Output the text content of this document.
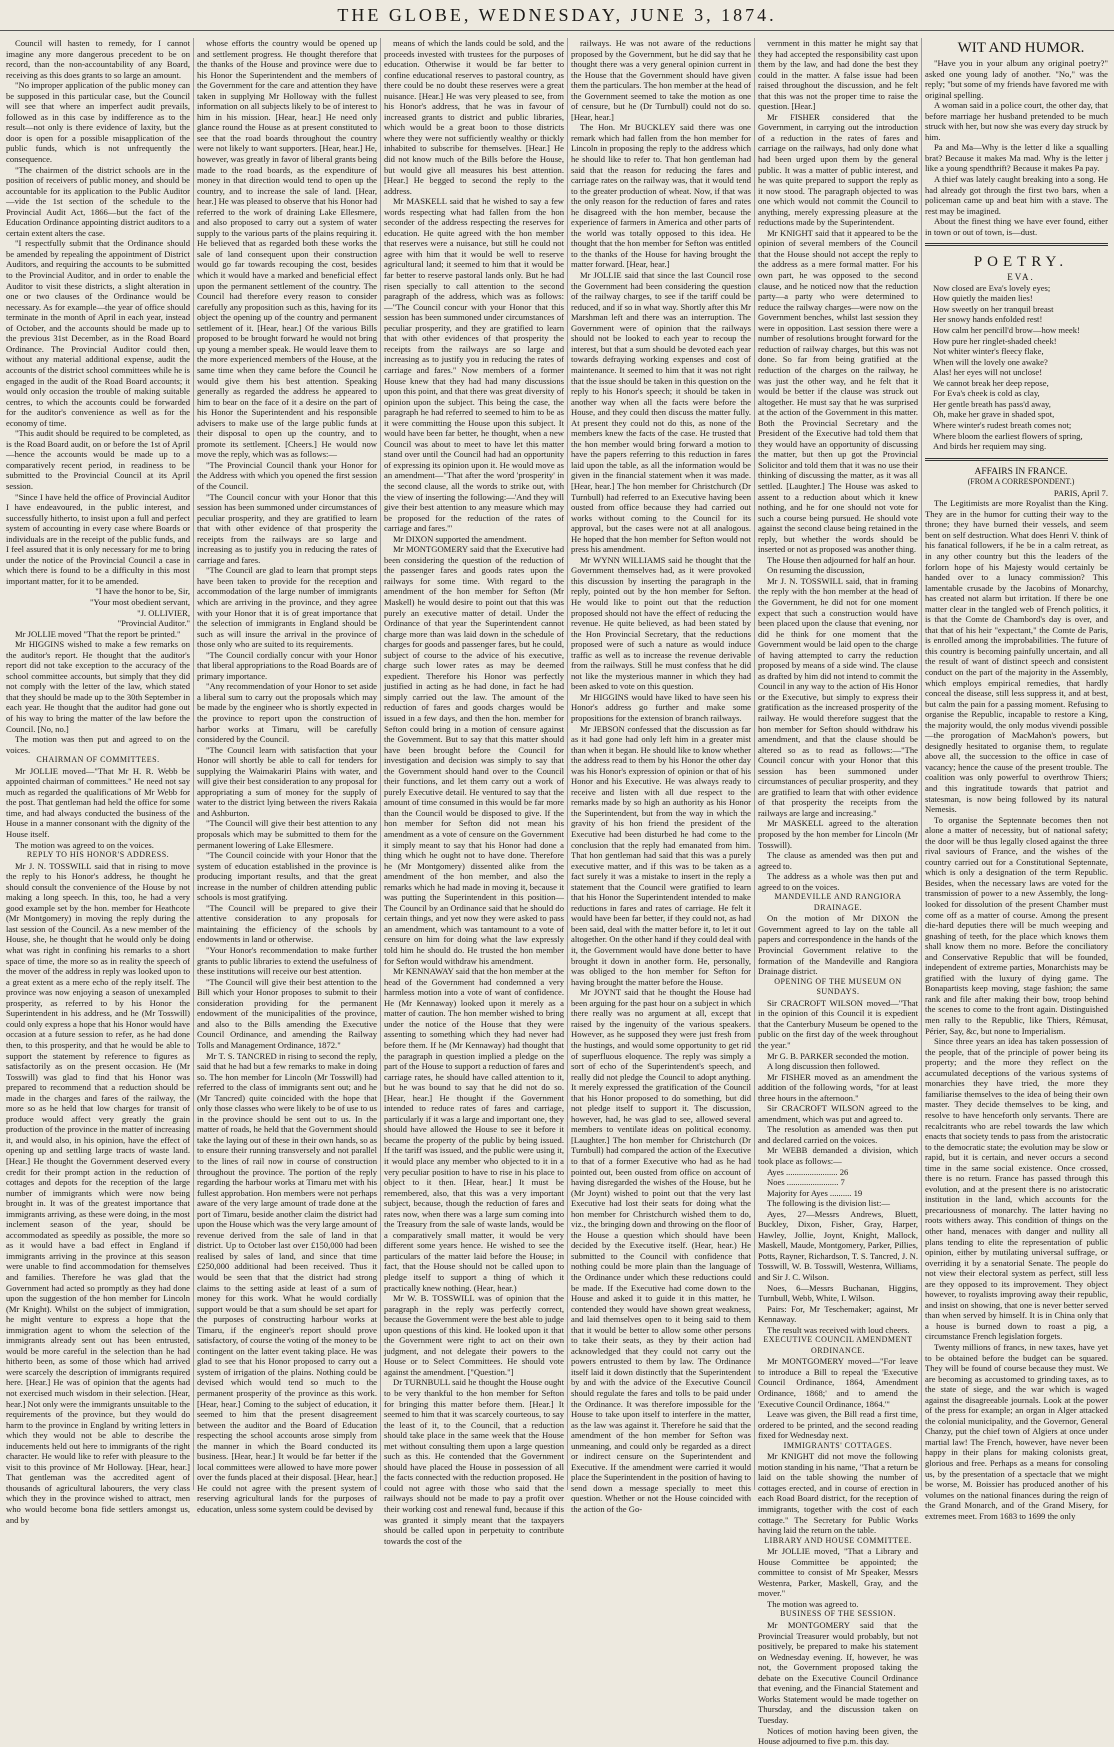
THE GLOBE, WEDNESDAY, JUNE 3, 1874.

Council will hasten to remedy, for I cannot imagine any more dangerous precedent to be on record, than the non-accountability of any Board, receiving as this does grants to so large an amount.

"No improper application of the public money can be supposed in this particular case, but the Council will see that where an imperfect audit prevails, followed as in this case by indifference as to the result—not only is there evidence of laxity, but the door is open for a possible misapplication of the public funds, which is not unfrequently the consequence.

"The chairmen of the district schools are in the position of receivers of public money, and should be accountable for its application to the Public Auditor—vide the 1st section of the schedule to the Provincial Audit Act, 1866—but the fact of the Education Ordinance appointing district auditors to a certain extent alters the case.

"I respectfully submit that the Ordinance should be amended by repealing the appointment of District Auditors, and requiring the accounts to be submitted to the Provincial Auditor, and in order to enable the Auditor to visit these districts, a slight alteration in one or two clauses of the Ordinance would be necessary. As for example—the year of office should terminate in the month of April in each year, instead of October, and the accounts should be made up to the previous 31st December, as in the Road Board Ordinance. The Provincial Auditor could then, without any material additional expense, audit the accounts of the district school committees while he is engaged in the audit of the Road Board accounts; it would only occasion the trouble of making suitable centres, to which the accounts could be forwarded for the auditor's convenience as well as for the economy of time.

"This audit should be required to be completed, as is the Road Board audit, on or before the 1st of April—hence the accounts would be made up to a comparatively recent period, in readiness to be submitted to the Provincial Council at its April session.

"Since I have held the office of Provincial Auditor I have endeavoured, in the public interest, and successfully hitherto, to insist upon a full and perfect system of accounting in every case where Boards or individuals are in the receipt of the public funds, and I feel assured that it is only necessary for me to bring under the notice of the Provincial Council a case in which there is found to be a difficulty in this most important matter, for it to be amended.

"I have the honor to be, Sir,

"Your most obedient servant,

"J. OLLIVIER,

"Provincial Auditor."

Mr JOLLIE moved "That the report be printed."

Mr HIGGINS wished to make a few remarks on the auditor's report. He thought that the auditor's report did not take exception to the accuracy of the school committee accounts, but simply that they did not comply with the letter of the law, which stated that they should be made up to the 30th September in each year. He thought that the auditor had gone out of his way to bring the matter of the law before the Council. [No, no.]

The motion was then put and agreed to on the voices.

CHAIRMAN OF COMMITTEES.

Mr JOLLIE moved—"That Mr H. R. Webb be appointed chairman of committees." He need not say much as regarded the qualifications of Mr Webb for the post. That gentleman had held the office for some time, and had always conducted the business of the House in a manner consonant with the dignity of the House itself.

The motion was agreed to on the voices.

REPLY TO HIS HONOR'S ADDRESS.

Mr J. N. TOSSWILL said that in rising to move the reply to his Honor's address, he thought he should consult the convenience of the House by not making a long speech. In this, too, he had a very good example set by the hon. member for Heathcote (Mr Montgomery) in moving the reply during the last session of the Council. As a new member of the House, she, he thought that he would only be doing what was right in confining his remarks to a short space of time, the more so as in reality the speech of the mover of the address in reply was looked upon to a great extent as a mere echo of the reply itself. The province was now enjoying a season of unexampled prosperity, as referred to by his Honor the Superintendent in his address, and he (Mr Tosswill) could only express a hope that his Honor would have occasion at a future session to refer, as he had done then, to this prosperity, and that he would be able to support the statement by reference to figures as satisfactorily as on the present occasion. He (Mr Tosswill) was glad to find that his Honor was prepared to recommend that a reduction should be made in the charges and fares of the railway, the more so as he held that low charges for transit of produce would affect very greatly the grain production of the province in the matter of increasing it, and would also, in his opinion, have the effect of opening up and settling large tracts of waste land. [Hear.] He thought the Government deserved every credit for their prompt action in the reduction of cottages and depots for the reception of the large number of immigrants which were now being brought in. It was of the greatest importance that immigrants arriving, as these were doing, in the most inclement season of the year, should be accommodated as speedily as possible, the more so as it would have a bad effect in England if immigrants arriving in the province at this season were unable to find accommodation for themselves and families. Therefore he was glad that the Government had acted so promptly as they had done upon the suggestion of the hon member for Lincoln (Mr Knight). Whilst on the subject of immigration, he might venture to express a hope that the immigration agent to whom the selection of the immigrants already sent out has been entrusted, would be more careful in the selection than he had hitherto been, as some of those which had arrived were scarcely the description of immigrants required here. [Hear.] He was of opinion that the agents had not exercised much wisdom in their selection. [Hear, hear.] Not only were the immigrants unsuitable to the requirements of the province, but they would do harm to the province in England by writing letters in which they would not be able to describe the inducements held out here to immigrants of the right character. He would like to refer with pleasure to the visit to this province of Mr Holloway. [Hear, hear.] That gentleman was the accredited agent of thousands of agricultural labourers, the very class which they in the province wished to attract, men who would become bona fide settlers amongst us, and by

whose efforts the country would be opened up and settlement progress. He thought therefore that the thanks of the House and province were due to his Honor the Superintendent and the members of the Government for the care and attention they have taken in supplying Mr Holloway with the fullest information on all subjects likely to be of interest to him in his mission. [Hear, hear.] He need only glance round the House as at present constituted to see that the road boards throughout the country were not likely to want supporters. [Hear, hear.] He, however, was greatly in favor of liberal grants being made to the road boards, as the expenditure of money in that direction would tend to open up the country, and to increase the sale of land. [Hear, hear.] He was pleased to observe that his Honor had referred to the work of draining Lake Ellesmere, and also proposed to carry out a system of water supply to the various parts of the plains requiring it. He believed that as regarded both these works the sale of land consequent upon their construction would go far towards recouping the cost, besides which it would have a marked and beneficial effect upon the permanent settlement of the country. The Council had therefore every reason to consider carefully any proposition such as this, having for its object the opening up of the country and permanent settlement of it. [Hear, hear.] Of the various Bills proposed to be brought forward he would not bring up young a member speak. He would leave them to the more experienced members of the House, at the same time when they came before the Council he would give them his best attention. Speaking generally as regarded the address he appeared to him to bear on the face of it a desire on the part of his Honor the Superintendent and his responsible advisers to make use of the large public funds at their disposal to open up the country, and to promote its settlement. [Cheers.] He would now move the reply, which was as follows:—

"The Provincial Council thank your Honor for the Address with which you opened the first session of the Council.

"The Council concur with your Honor that this session has been summoned under circumstances of peculiar prosperity, and they are gratified to learn that with other evidence of that prosperity the receipts from the railways are so large and increasing as to justify you in reducing the rates of carriage and fares.

"The Council are glad to learn that prompt steps have been taken to provide for the reception and accommodation of the large number of immigrants which are arriving in the province, and they agree with your Honor that it is of great importance that the selection of immigrants in England should be such as will insure the arrival in the province of those only who are suited to its requirements.

"The Council cordially concur with your Honor that liberal appropriations to the Road Boards are of primary importance.

"Any recommendation of your Honor to set aside a liberal sum to carry out the proposals which may be made by the engineer who is shortly expected in the province to report upon the construction of harbor works at Timaru, will be carefully considered by the Council.

"The Council learn with satisfaction that your Honor will shortly be able to call for tenders for supplying the Waimakariri Plains with water, and will give their best consideration to any proposal for appropriating a sum of money for the supply of water to the district lying between the rivers Rakaia and Ashburton.

"The Council will give their best attention to any proposals which may be submitted to them for the permanent lowering of Lake Ellesmere.

"The Council coincide with your Honor that the system of education established in the province is producing important results, and that the great increase in the number of children attending public schools is most gratifying.

"The Council will be prepared to give their attentive consideration to any proposals for maintaining the efficiency of the schools by endowments in land or otherwise.

"Your Honor's recommendation to make further grants to public libraries to extend the usefulness of these institutions will receive our best attention.

"The Council will give their best attention to the Bill which your Honor proposes to submit to their consideration providing for the permanent endowment of the municipalities of the province, and also to the Bills amending the Executive Council Ordinance, and amending the Railway Tolls and Management Ordinance, 1872."

Mr T. S. TANCRED in rising to second the reply, said that he had but a few remarks to make in doing so. The hon member for Lincoln (Mr Tosswill) had referred to the class of immigrants sent out; and he (Mr Tancred) quite coincided with the hope that only those classes who were likely to be of use to us in the province should be sent out to us. In the matter of roads, he held that the Government should take the laying out of these in their own hands, so as to ensure their running transversely and not parallel to the lines of rail now in course of construction throughout the province. The portion of the reply regarding the harbour works at Timaru met with his fullest approbation. Hon members were not perhaps aware of the very large amount of trade done at the port of Timaru, beside another claim the district had upon the House which was the very large amount of revenue derived from the sale of land in that district. Up to October last over £150,000 had been realised by sales of land, and since that time £250,000 additional had been received. Thus it would be seen that that the district had strong claims to the setting aside at least of a sum of money for this work. What he would cordially support would be that a sum should be set apart for the purposes of constructing harbour works at Timaru, if the engineer's report should prove satisfactory, of course the voting of the money to be contingent on the latter event taking place. He was glad to see that his Honor proposed to carry out a system of irrigation of the plains. Nothing could be devised which would tend so much to the permanent prosperity of the province as this work. [Hear, hear.] Coming to the subject of education, it seemed to him that the present disagreement between the auditor and the Board of Education respecting the school accounts arose simply from the manner in which the Board conducted its business. [Hear, hear.] It would be far better if the local committees were allowed to have more power over the funds placed at their disposal. [Hear, hear.] He could not agree with the present system of reserving agricultural lands for the purposes of education, unless some system could be devised by

means of which the lands could be sold, and the proceeds invested with trustees for the purposes of education. Otherwise it would be far better to confine educational reserves to pastoral country, as there could be no doubt these reserves were a great nuisance. [Hear.] He was very pleased to see, from his Honor's address, that he was in favour of increased grants to district and public libraries, which would be a great boon to those districts where they were not sufficiently wealthy or thickly inhabited to subscribe for themselves. [Hear.] He did not know much of the Bills before the House, but would give all measures his best attention. [Hear.] He begged to second the reply to the address.

Mr MASKELL said that he wished to say a few words respecting what had fallen from the hon seconder of the address respecting the reserves for education. He quite agreed with the hon member that reserves were a nuisance, but still he could not agree with him that it would be well to reserve agricultural land; it seemed to him that it would be far better to reserve pastoral lands only. But he had risen specially to call attention to the second paragraph of the address, which was as follows:—"The Council concur with your Honor that this session has been summoned under circumstances of peculiar prosperity, and they are gratified to learn that with other evidences of that prosperity the receipts from the railways are so large and increasing as to justify you in reducing the rates of carriage and fares." Now members of a former House knew that they had had many discussions upon this point, and that there was great diversity of opinion upon the subject. This being the case, the paragraph he had referred to seemed to him to be as it were committing the House upon this subject. It would have been far better, he thought, when a new Council was about to meet to have let this matter stand over until the Council had had an opportunity of expressing its opinion upon it. He would move as an amendment—"That after the word 'prosperity' in the second clause, all the words to strike out, with the view of inserting the following:—'And they will give their best attention to any measure which may be proposed for the reduction of the rates of carriage and fares.'"

Mr DIXON supported the amendment.

Mr MONTGOMERY said that the Executive had been considering the question of the reduction of the passenger fares and goods rates upon the railways for some time. With regard to the amendment of the hon member for Sefton (Mr Maskell) he would desire to point out that this was purely an executive matter of detail. Under the Ordinance of that year the Superintendent cannot charge more than was laid down in the schedule of charges for goods and passenger fares, but he could, subject of course to the advice of his executive, charge such lower rates as may be deemed expedient. Therefore his Honor was perfectly justified in acting as he had done, in fact he had simply carried out the law. The amount of the reduction of fares and goods charges would be issued in a few days, and then the hon. member for Sefton could bring in a motion of censure against the Government. But to say that this matter should have been brought before the Council for investigation and decision was simply to say that the Government should hand over to the Council their functions, and let them carry out a work of purely Executive detail. He ventured to say that the amount of time consumed in this would be far more than the Council would be disposed to give. If the hon member for Sefton did not mean his amendment as a vote of censure on the Government it simply meant to say that his Honor had done a thing which he ought not to have done. Therefore he (Mr Montgomery) dissented alike from the amendment of the hon member, and also the remarks which he had made in moving it, because it was putting the Superintendent in this position—The Council by an Ordinance said that he should do certain things, and yet now they were asked to pass an amendment, which was tantamount to a vote of censure on him for doing what the law expressly told him he should do. He trusted the hon member for Sefton would withdraw his amendment.

Mr KENNAWAY said that the hon member at the head of the Government had condemned a very harmless motion into a vote of want of confidence. He (Mr Kennaway) looked upon it merely as a matter of caution. The hon member wished to bring under the notice of the House that they were assenting to something which they had never had before them. If he (Mr Kennaway) had thought that the paragraph in question implied a pledge on the part of the House to support a reduction of fares and carriage rates, he should have called attention to it, but he was bound to say that he did not do so. [Hear, hear.] He thought if the Government intended to reduce rates of fares and carriage, particularly if it was a large and important one, they should have allowed the House to see it before it became the property of the public by being issued. If the tariff was issued, and the public were using it, it would place any member who objected to it in a very peculiar position to have to rise in his place to object to it then. [Hear, hear.] It must be remembered, also, that this was a very important subject, because, though the reduction of fares and rates now, when there was a large sum coming into the Treasury from the sale of waste lands, would be a comparatively small matter, it would be very different some years hence. He wished to see the particulars of the matter laid before the House; in fact, that the House should not be called upon to pledge itself to support a thing of which it practically knew nothing. (Hear, hear.)

Mr W. B. TOSSWILL was of opinion that the paragraph in the reply was perfectly correct, because the Government were the best able to judge upon questions of this kind. He looked upon it that the Government were right to act on their own judgment, and not delegate their powers to the House or to Select Committees. He should vote against the amendment. ["Question."]

Dr TURNBULL said he thought the House ought to be very thankful to the hon member for Sefton for bringing this matter before them. [Hear.] It seemed to him that it was scarcely courteous, to say the least of it, to the Council, that a reduction should take place in the same week that the House met without consulting them upon a large question such as this. He contended that the Government should have placed the House in possession of all the facts connected with the reduction proposed. He could not agree with those who said that the railways should not be made to pay a profit over their working cost and renewal fund, because if this was granted it simply meant that the taxpayers should be called upon in perpetuity to contribute towards the cost of the

railways. He was not aware of the reductions proposed by the Government, but he did say that he thought there was a very general opinion current in the House that the Government should have given them the particulars. The hon member at the head of the Government seemed to take the motion as one of censure, but he (Dr Turnbull) could not do so. [Hear, hear.]

The Hon. Mr BUCKLEY said there was one remark which had fallen from the hon member for Lincoln in proposing the reply to the address which he should like to refer to. That hon gentleman had said that the reason for reducing the fares and carriage rates on the railway was, that it would tend to the greater production of wheat. Now, if that was the only reason for the reduction of fares and rates he disagreed with the hon member, because the experience of farmers in America and other parts of the world was totally opposed to this idea. He thought that the hon member for Sefton was entitled to the thanks of the House for having brought the matter forward. [Hear, hear.]

Mr JOLLIE said that since the last Council rose the Government had been considering the question of the railway charges, to see if the tariff could be reduced, and if so in what way. Shortly after this Mr Marshman left and there was an interruption. The Government were of opinion that the railways should not be looked to each year to recoup the interest, but that a sum should be devoted each year towards defraying working expenses and cost of maintenance. It seemed to him that it was not right that the issue should be taken in this question on the reply to his Honor's speech; it should be taken in another way when all the facts were before the House, and they could then discuss the matter fully. At present they could not do this, as none of the members knew the facts of the case. He trusted that the hon member would bring forward a motion to have the papers referring to this reduction in fares laid upon the table, as all the information would be given in the financial statement when it was made. [Hear, hear.] The hon member for Christchurch (Dr Turnbull) had referred to an Executive having been ousted from office because they had carried out works without coming to the Council for its approval, but the cases were not at all analogous. He hoped that the hon member for Sefton would not press his amendment.

Mr WYNN WILLIAMS said he thought that the Government themselves had, as it were provoked this discussion by inserting the paragraph in the reply, pointed out by the hon member for Sefton. He would like to point out that the reduction proposed should not have the effect of reducing the revenue. He quite believed, as had been stated by the Hon Provincial Secretary, that the reductions proposed were of such a nature as would induce traffic as well as to increase the revenue derivable from the railways. Still he must confess that he did not like the mysterious manner in which they had been asked to vote on this question.

Mr HIGGINS would have liked to have seen his Honor's address go further and make some propositions for the extension of branch railways.

Mr JEBSON confessed that the discussion as far as it had gone had only left him in a greater mist than when it began. He should like to know whether the address read to them by his Honor the other day was his Honor's expression of opinion or that of his Honor and his Executive. He was always ready to receive and listen with all due respect to the remarks made by so high an authority as his Honor the Superintendent, but from the way in which the gravity of his hon friend the president of the Executive had been disturbed he had come to the conclusion that the reply had emanated from him. That hon gentleman had said that this was a purely executive matter, and if this was to be taken as a fact surely it was a mistake to insert in the reply a statement that the Council were gratified to learn that his Honor the Superintendent intended to make reductions in fares and rates of carriage. He felt it would have been far better, if they could not, as had been said, deal with the matter before it, to let it out altogether. On the other hand if they could deal with it, the Government would have done better to have brought it down in another form. He, personally, was obliged to the hon member for Sefton for having brought the matter before the House.

Mr JOYNT said that he thought the House had been arguing for the past hour on a subject in which there really was no argument at all, except that raised by the ingenuity of the various speakers. However, as he supposed they were just fresh from the hustings, and would some opportunity to get rid of superfluous eloquence. The reply was simply a sort of echo of the Superintendent's speech, and really did not pledge the Council to adopt anything. It merely expressed the gratification of the Council that his Honor proposed to do something, but did not pledge itself to support it. The discussion, however, had, he was glad to see, allowed several members to ventilate ideas on political economy. [Laughter.] The hon member for Christchurch (Dr Turnbull) had compared the action of the Executive to that of a former Executive who had as he had pointed out, been ousted from office on account of having disregarded the wishes of the House, but he (Mr Joynt) wished to point out that the very last Executive had lost their seats for doing what the hon member for Christchurch wished them to do, viz., the bringing down and throwing on the floor of the House a question which should have been decided by the Executive itself. (Hear, hear.) He submitted to the Council with confidence that nothing could be more plain than the language of the Ordinance under which these reductions could be made. If the Executive had come down to the House and asked it to guide it in this matter, he contended they would have shown great weakness, and laid themselves open to it being said to them that it would be better to allow some other persons to take their seats, as they by their action had acknowledged that they could not carry out the powers entrusted to them by law. The Ordinance itself laid it down distinctly that the Superintendent by and with the advice of the Executive Council should regulate the fares and tolls to be paid under the Ordinance. It was therefore impossible for the House to take upon itself to interfere in the matter, as the law was against it. Therefore he said that the amendment of the hon member for Sefton was unmeaning, and could only be regarded as a direct or indirect censure on the Superintendent and Executive. If the amendment were carried it would place the Superintendent in the position of having to send down a message specially to meet this question. Whether or not the House coincided with the action of the Go-

vernment in this matter he might say that they had accepted the responsibility cast upon them by the law, and had done the best they could in the matter. A false issue had been raised throughout the discussion, and he felt that this was not the proper time to raise the question. [Hear.]

Mr FISHER considered that the Government, in carrying out the introduction of a reduction in the rates of fares and carriage on the railways, had only done what had been urged upon them by the general public. It was a matter of public interest, and he was quite prepared to support the reply as it now stood. The paragraph objected to was one which would not commit the Council to anything, merely expressing pleasure at the reductions made by the Superintendent.

Mr KNIGHT said that it appeared to be the opinion of several members of the Council that the House should not accept the reply to the address as a mere formal matter. For his own part, he was opposed to the second clause, and he noticed now that the reduction party—a party who were determined to reduce the railway charges—were now on the Government benches, whilst last session they were in opposition. Last session there were a number of resolutions brought forward for the reduction of railway charges, but this was not done. So far from being gratified at the reduction of the charges on the railway, he was just the other way, and he felt that it would be better if the clause was struck out altogether. He must say that he was surprised at the action of the Government in this matter. Both the Provincial Secretary and the President of the Executive had told them that they would have an opportunity of discussing the matter, but then up got the Provincial Solicitor and told them that it was no use their thinking of discussing the matter, as it was all settled. [Laughter.] The House was asked to assent to a reduction about which it knew nothing, and he for one should not vote for such a course being pursued. He should vote against the second clause being retained in the reply, but whether the words should be inserted or not as proposed was another thing.

The House then adjourned for half an hour.

On resuming the discussion,

Mr J. N. TOSSWILL said, that in framing the reply with the hon member at the head of the Government, he did not for one moment expect that such a construction would have been placed upon the clause that evening, nor did he think for one moment that the Government would be laid open to the charge of having attempted to carry the reduction proposed by means of a side wind. The clause as drafted by him did not intend to commit the Council in any way to the action of His Honor or the Executive, but simply to express their gratification as the increased prosperity of the railway. He would therefore suggest that the hon member for Sefton should withdraw his amendment, and that the clause should be altered so as to read as follows:—"The Council concur with your Honor that this session has been summoned under circumstances of peculiar prosperity, and they are gratified to learn that with other evidence of that prosperity the receipts from the railways are large and increasing."

Mr MASKELL agreed to the alteration proposed by the hon member for Lincoln (Mr Tosswill).

The clause as amended was then put and agreed to.

The address as a whole was then put and agreed to on the voices.

MANDEVILLE AND RANGIORA DRAINAGE.

On the motion of Mr DIXON the Government agreed to lay on the table all papers and correspondence in the hands of the Provincial Government relative to the formation of the Mandeville and Rangiora Drainage district.

OPENING OF THE MUSEUM ON SUNDAYS.

Sir CRACROFT WILSON moved—"That in the opinion of this Council it is expedient that the Canterbury Museum be opened to the public on the first day of the week throughout the year."

Mr G. B. PARKER seconded the motion.

A long discussion then followed.

Mr FISHER moved as an amendment the addition of the following words, "for at least three hours in the afternoon."

Sir CRACROFT WILSON agreed to the amendment, which was put and agreed to.

The resolution as amended was then put and declared carried on the voices.

Mr WEBB demanded a division, which took place as follows:—

Ayes ........................ 26

Noes ........................ 7

Majority for Ayes .......... 19

The following is the division list:—

Ayes, 27—Messrs Andrews, Bluett, Buckley, Dixon, Fisher, Gray, Harper, Hawley, Jollie, Joynt, Knight, Mallock, Maskell, Maude, Montgomery, Parker, Pillies, Potts, Rayner, Richardson, T. S. Tancred, J. N. Tosswill, W. B. Tosswill, Westenra, Williams, and Sir J. C. Wilson.

Noes, 6—Messrs Buchanan, Higgins, Turnbull, Webb, White, I. Wilson.

Pairs: For, Mr Teschemaker; against, Mr Kennaway.

The result was received with loud cheers.

EXECUTIVE COUNCIL AMENDMENT ORDINANCE.

Mr MONTGOMERY moved—"For leave to introduce a Bill to repeal the 'Executive Council Ordinance, 1864, Amendment Ordinance, 1868;' and to amend the 'Executive Council Ordinance, 1864.'"

Leave was given, the Bill read a first time, ordered to be printed, and the second reading fixed for Wednesday next.

IMMIGRANTS' COTTAGES.

Mr KNIGHT did not move the following motion standing in his name, "That a return be laid on the table showing the number of cottages erected, and in course of erection in each Road Board district, for the reception of immigrants, together with the cost of each cottage." The Secretary for Public Works having laid the return on the table.

LIBRARY AND HOUSE COMMITTEE.

Mr JOLLIE moved, "That a Library and House Committee be appointed; the committee to consist of Mr Speaker, Messrs Westenra, Parker, Maskell, Gray, and the mover."

The motion was agreed to.

BUSINESS OF THE SESSION.

Mr MONTGOMERY said that the Provincial Treasurer would probably, but not positively, be prepared to make his statement on Wednesday evening. If, however, he was not, the Government proposed taking the debate on the Executive Council Ordinance that evening, and the Financial Statement and Works Statement would be made together on Thursday, and the discussion taken on Tuesday.

Notices of motion having been given, the House adjourned to five p.m. this day.

WIT AND HUMOR.

"Have you in your album any original poetry?" asked one young lady of another. "No," was the reply; "but some of my friends have favored me with original spelling.

A woman said in a police court, the other day, that before marriage her husband pretended to be much struck with her, but now she was every day struck by him.

Pa and Ma—Why is the letter d like a squalling brat? Because it makes Ma mad. Why is the letter j like a young spendthrift? Because it makes Pa pay.

A thief was lately caught breaking into a song. He had already got through the first two bars, when a policeman came up and beat him with a stave. The rest may be imagined.

About the finest thing we have ever found, either in town or out of town, is—dust.

POETRY.

EVA.

Now closed are Eva's lovely eyes;

How quietly the maiden lies!

How sweetly on her tranquil breast

Her snowy hands enfolded rest!

How calm her pencill'd brow—how meek!

How pure her ringlet-shaded cheek!

Not whiter winter's fleecy flake,

When will the lovely one awake?

Alas! her eyes will not unclose!

We cannot break her deep repose,

For Eva's cheek is cold as clay,

Her gentle breath has pass'd away,

Oh, make her grave in shaded spot,

Where winter's rudest breath comes not;

Where bloom the earliest flowers of spring,

And birds her requiem may sing.

AFFAIRS IN FRANCE.

(FROM A CORRESPONDENT.)

PARIS, April 7.

The Legitimists are more Royalist than the King. They are in the humor for cutting their way to the throne; they have burned their vessels, and seem bent on self destruction. What does Henri V. think of his fanatical followers, if he be in a calm retreat, as in any other country but this the leaders of the forlorn hope of his Majesty would certainly be handed over to a lunacy commission? This lamentable crusade by the Jacobins of Monarchy, has created not alarm but irritation. If there be one matter clear in the tangled web of French politics, it is that the Comte de Chambord's day is over, and that that of his heir "expectant," the Comte de Paris, is enrolled among the improbabilities. The future of this country is becoming painfully uncertain, and all the result of want of distinct speech and consistent conduct on the part of the majority in the Assembly, which employs empirical remedies, that hardly conceal the disease, still less suppress it, and at best, but calm the pain for a passing moment. Refusing to organise the Republic, incapable to restore a King, the majority would, the only modus vivendi possible—the prorogation of MacMahon's powers, but designedly hesitated to organise them, to regulate above all, the succession to the office in case of vacancy; hence the cause of the present trouble. The coalition was only powerful to overthrow Thiers; and this ingratitude towards that patriot and statesman, is now being followed by its natural Nemesis.

To organise the Septennate becomes then not alone a matter of necessity, but of national safety; the door will be thus legally closed against the three rival saviours of France, and the wishes of the country carried out for a Constitutional Septennate, which is only a designation of the term Republic. Besides, when the necessary laws are voted for the transmission of power to a new Assembly, the long-looked for dissolution of the present Chamber must come off as a matter of course. Among the present die-hard deputies there will be much weeping and gnashing of teeth, for the place which knows them shall know them no more. Before the conciliatory and Conservative Republic that will be founded, independent of extreme parties, Monarchists may be gratified with the luxury of dying game. The Bonapartists keep moving, stage fashion; the same rank and file after making their bow, troop behind the scenes to come to the front again. Distinguished men rally to the Republic, like Thiers, Rémusat, Périer, Say, &c, but none to Imperialism.

Since three years an idea has taken possession of the people, that of the principle of power being its property; and the more they reflect on the accumulated deceptions of the various systems of monarchies they have tried, the more they familiarise themselves to the idea of being their own master. They decide themselves to be king, and resolve to have henceforth only servants. There are recalcitrants who are rebel towards the law which enacts that society tends to pass from the aristocratic to the democratic state; the evolution may be slow or rapid, but it is certain, and never occurs a second time in the same social existence. Once crossed, there is no return. France has passed through this evolution, and at the present there is no aristocratic institution in the land, which accounts for the precariousness of monarchy. The latter having no roots withers away. This condition of things on the other hand, menaces with danger and nullity all plans tending to elite the representation of public opinion, either by mutilating universal suffrage, or overriding it by a senatorial Senate. The people do not view their electoral system as perfect, still less are they opposed to its improvement. They object however, to royalists improving away their republic, and insist on showing, that one is never better served than when served by himself. It is in China only that a house is burned down to roast a pig, a circumstance French legislation forgets.

Twenty millions of francs, in new taxes, have yet to be obtained before the budget can be squared. They will be found of course because they must. We are becoming as accustomed to grinding taxes, as to the state of siege, and the war which is waged against the disagreeable journals. Look at the power of the press for example; an organ in Alger attacked the colonial municipality, and the Governor, General Chanzy, put the chief town of Algiers at once under martial law! The French, however, have never been happy in their plans for making colonists great, glorious and free. Perhaps as a means for consoling us, by the presentation of a spectacle that we might be worse, M. Boissier has produced another of his volumes on the national finances during the reign of the Grand Monarch, and of the Grand Misery, for extremes meet. From 1683 to 1699 the only
